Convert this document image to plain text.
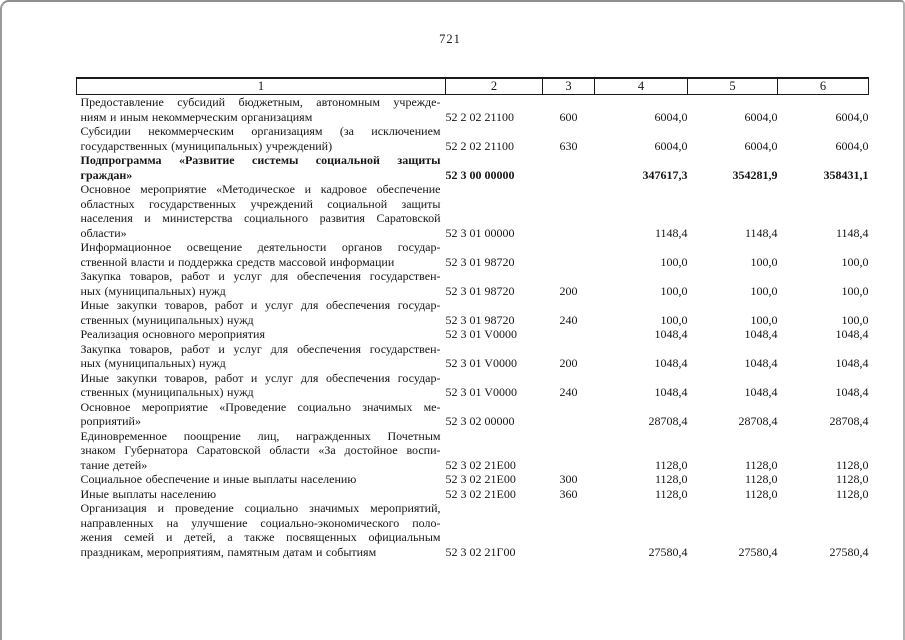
721
1	2	3	4	5	6

Предоставление субсидий бюджетным, автономным учрежде-
ниям и иным некоммерческим организациям	52 2 02 21100	600	6004,0	6004,0	6004,0

Субсидии некоммерческим организациям (за исключением
государственных (муниципальных) учреждений)	52 2 02 21100	630	6004,0	6004,0	6004,0

Подпрограмма «Развитие системы социальной защиты
граждан»	52 3 00 00000		347617,3	354281,9	358431,1

Основное мероприятие «Методическое и кадровое обеспечение
областных государственных учреждений социальной защиты
населения и министерства социального развития Саратовской
области»	52 3 01 00000		1148,4	1148,4	1148,4

Информационное освещение деятельности органов государ-
ственной власти и поддержка средств массовой информации	52 3 01 98720		100,0	100,0	100,0

Закупка товаров, работ и услуг для обеспечения государствен-
ных (муниципальных) нужд	52 3 01 98720	200	100,0	100,0	100,0

Иные закупки товаров, работ и услуг для обеспечения государ-
ственных (муниципальных) нужд	52 3 01 98720	240	100,0	100,0	100,0

Реализация основного мероприятия	52 3 01 V0000		1048,4	1048,4	1048,4

Закупка товаров, работ и услуг для обеспечения государствен-
ных (муниципальных) нужд	52 3 01 V0000	200	1048,4	1048,4	1048,4

Иные закупки товаров, работ и услуг для обеспечения государ-
ственных (муниципальных) нужд	52 3 01 V0000	240	1048,4	1048,4	1048,4

Основное мероприятие «Проведение социально значимых ме-
роприятий»	52 3 02 00000		28708,4	28708,4	28708,4

Единовременное поощрение лиц, награжденных Почетным
знаком Губернатора Саратовской области «За достойное воспи-
тание детей»	52 3 02 21Е00		1128,0	1128,0	1128,0

Социальное обеспечение и иные выплаты населению	52 3 02 21Е00	300	1128,0	1128,0	1128,0

Иные выплаты населению	52 3 02 21Е00	360	1128,0	1128,0	1128,0

Организация и проведение социально значимых мероприятий,
направленных на улучшение социально-экономического поло-
жения семей и детей, а также посвященных официальным
праздникам, мероприятиям, памятным датам и событиям	52 3 02 21Г00		27580,4	27580,4	27580,4
